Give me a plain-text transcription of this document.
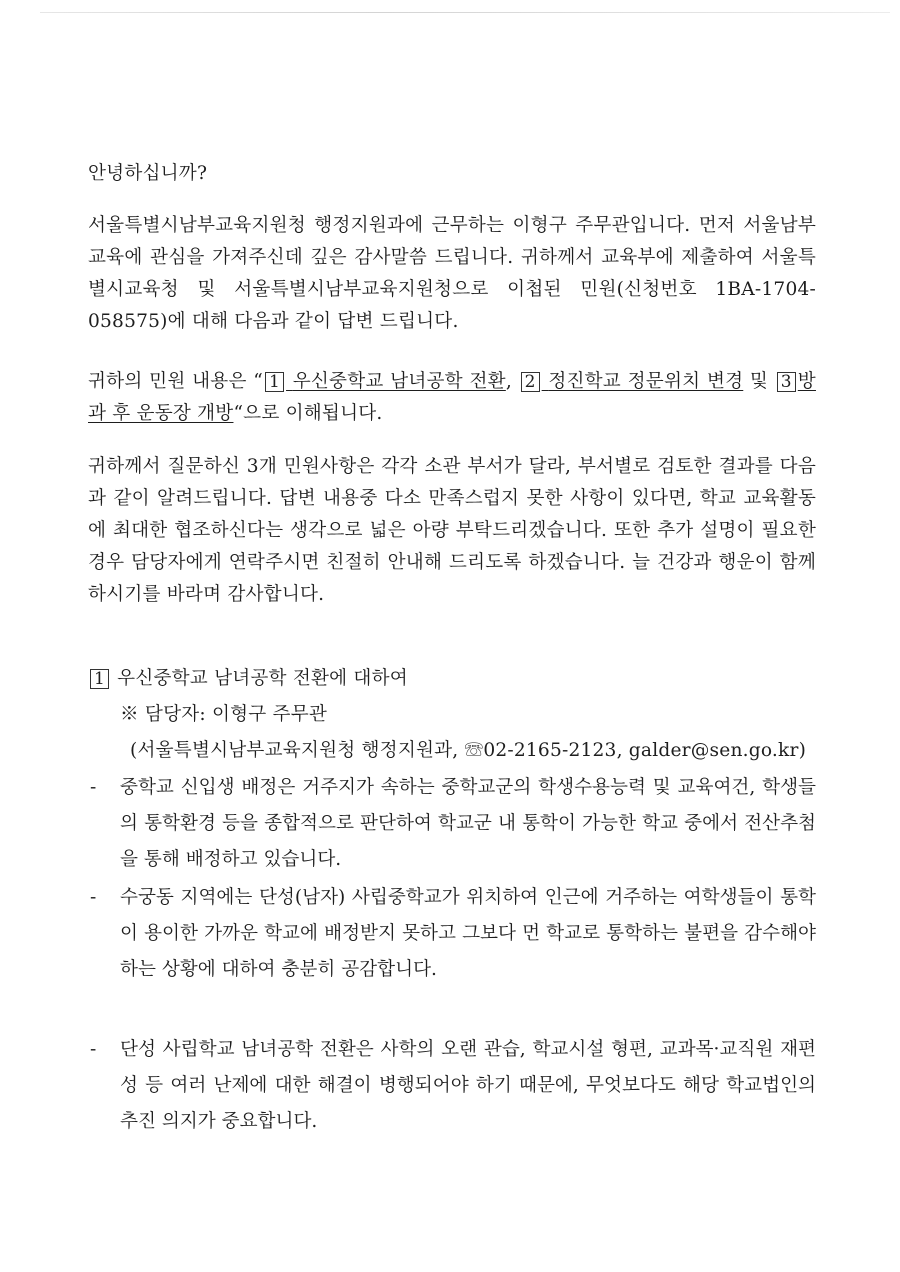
안녕하십니까?
서울특별시남부교육지원청 행정지원과에 근무하는 이형구 주무관입니다. 먼저 서울남부교육에 관심을 가져주신데 깊은 감사말씀 드립니다. 귀하께서 교육부에 제출하여 서울특별시교육청 및 서울특별시남부교육지원청으로 이첩된 민원(신청번호 1BA-1704-058575)에 대해 다음과 같이 답변 드립니다.
귀하의 민원 내용은 “ 1 우신중학교 남녀공학 전환, 2 정진학교 정문위치 변경 및 3 방과 후 운동장 개방“으로 이해됩니다.
귀하께서 질문하신 3개 민원사항은 각각 소관 부서가 달라, 부서별로 검토한 결과를 다음과 같이 알려드립니다. 답변 내용중 다소 만족스럽지 못한 사항이 있다면, 학교 교육활동에 최대한 협조하신다는 생각으로 넓은 아량 부탁드리겠습니다. 또한 추가 설명이 필요한 경우 담당자에게 연락주시면 친절히 안내해 드리도록 하겠습니다. 늘 건강과 행운이 함께 하시기를 바라며 감사합니다.
1 우신중학교 남녀공학 전환에 대하여
※ 담당자: 이형구 주무관
(서울특별시남부교육지원청 행정지원과, ☏02-2165-2123, galder@sen.go.kr)
-	중학교 신입생 배정은 거주지가 속하는 중학교군의 학생수용능력 및 교육여건, 학생들의 통학환경 등을 종합적으로 판단하여 학교군 내 통학이 가능한 학교 중에서 전산추첨을 통해 배정하고 있습니다.
-	수궁동 지역에는 단성(남자) 사립중학교가 위치하여 인근에 거주하는 여학생들이 통학이 용이한 가까운 학교에 배정받지 못하고 그보다 먼 학교로 통학하는 불편을 감수해야 하는 상황에 대하여 충분히 공감합니다.
-	단성 사립학교 남녀공학 전환은 사학의 오랜 관습, 학교시설 형편, 교과목·교직원 재편성 등 여러 난제에 대한 해결이 병행되어야 하기 때문에, 무엇보다도 해당 학교법인의 추진 의지가 중요합니다.
